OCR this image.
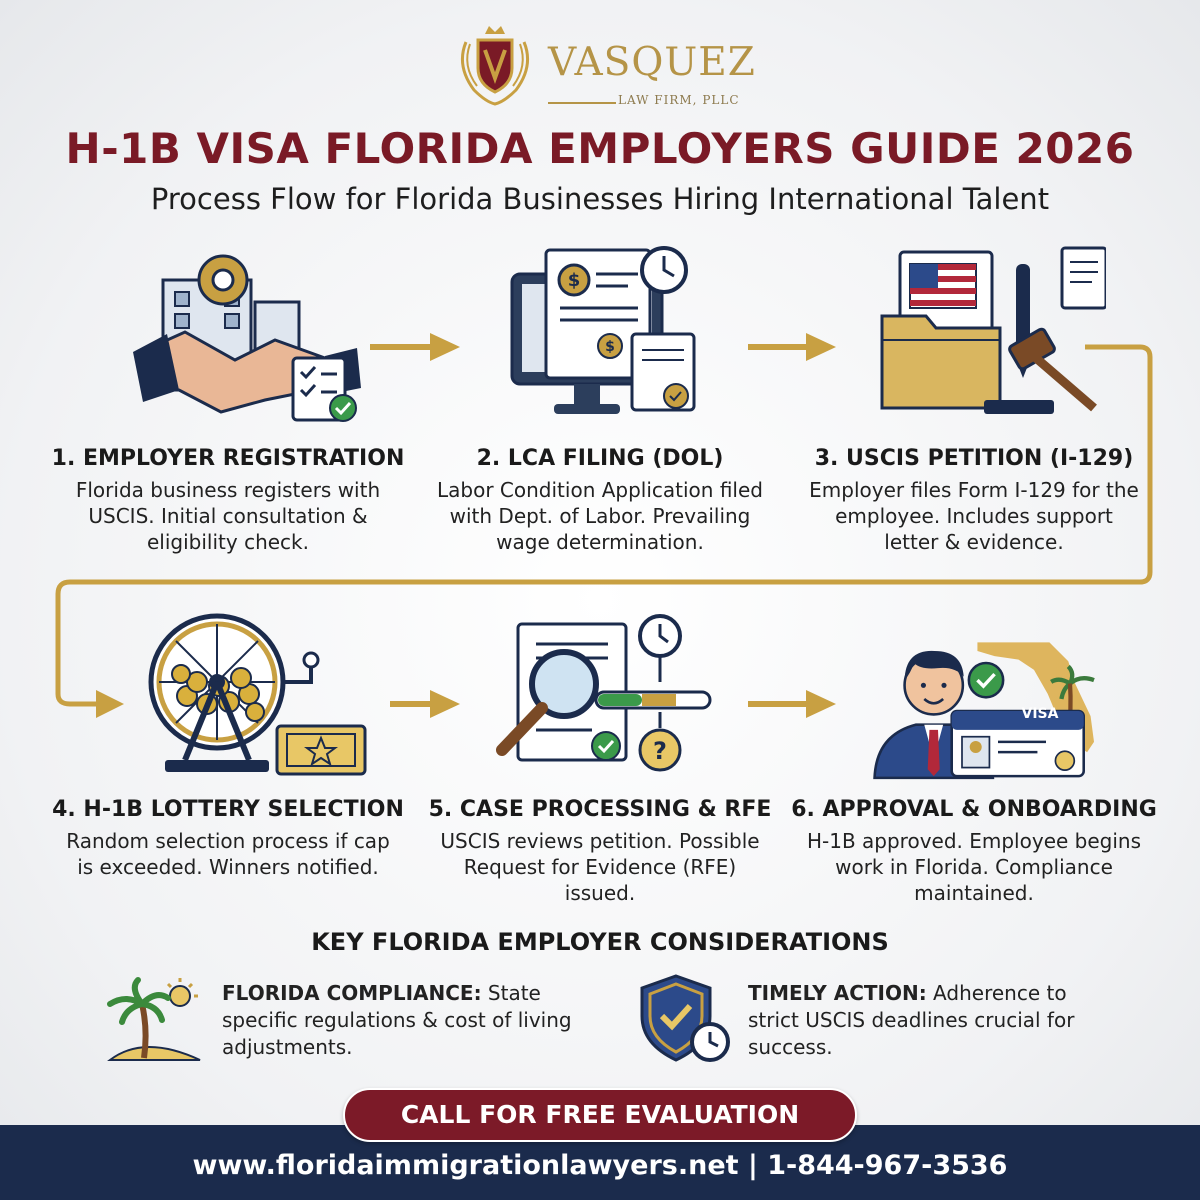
VASQUEZ
LAW FIRM, PLLC
H-1B VISA FLORIDA EMPLOYERS GUIDE 2026
Process Flow for Florida Businesses Hiring International Talent
$
$
1. EMPLOYER REGISTRATION
Florida business registers with USCIS. Initial consultation & eligibility check.
2. LCA FILING (DOL)
Labor Condition Application filed with Dept. of Labor. Prevailing wage determination.
3. USCIS PETITION (I-129)
Employer files Form I-129 for the employee. Includes support letter & evidence.
?
VISA
4. H-1B LOTTERY SELECTION
Random selection process if cap is exceeded. Winners notified.
5. CASE PROCESSING & RFE
USCIS reviews petition. Possible Request for Evidence (RFE) issued.
6. APPROVAL & ONBOARDING
H-1B approved. Employee begins work in Florida. Compliance maintained.
KEY FLORIDA EMPLOYER CONSIDERATIONS
FLORIDA COMPLIANCE: State specific regulations & cost of living adjustments.
TIMELY ACTION: Adherence to strict USCIS deadlines crucial for success.
CALL FOR FREE EVALUATION
www.floridaimmigrationlawyers.net | 1-844-967-3536
